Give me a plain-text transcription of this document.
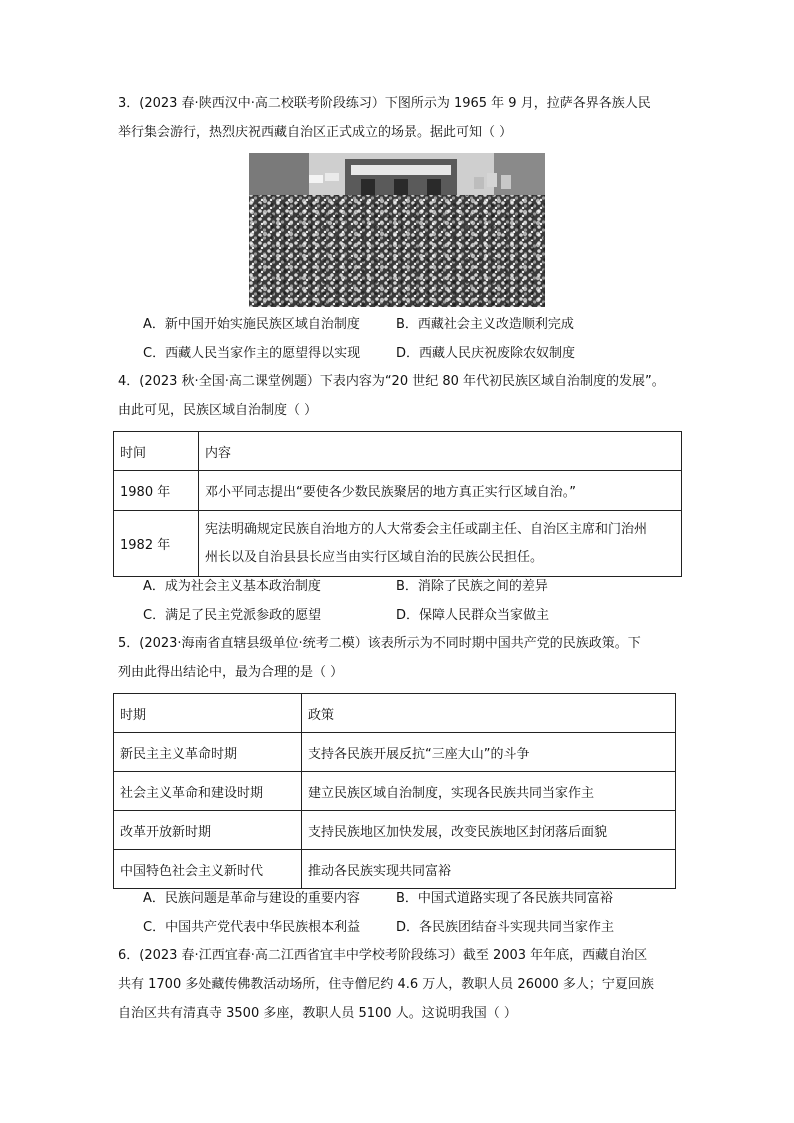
3．(2023 春·陕西汉中·高二校联考阶段练习）下图所示为 1965 年 9 月，拉萨各界各族人民
举行集会游行，热烈庆祝西藏自治区正式成立的场景。据此可知（ ）
A．新中国开始实施民族区域自治制度	B．西藏社会主义改造顺利完成
C．西藏人民当家作主的愿望得以实现	D．西藏人民庆祝废除农奴制度
4．(2023 秋·全国·高二课堂例题）下表内容为“20 世纪 80 年代初民族区域自治制度的发展”。
由此可见，民族区域自治制度（ ）
时间	内容
1980 年	邓小平同志提出“要使各少数民族聚居的地方真正实行区域自治。”
1982 年	宪法明确规定民族自治地方的人大常委会主任或副主任、自治区主席和门治州
州长以及自治县县长应当由实行区域自治的民族公民担任。
A．成为社会主义基本政治制度	B．消除了民族之间的差异
C．满足了民主党派参政的愿望	D．保障人民群众当家做主
5．(2023·海南省直辖县级单位·统考二模）该表所示为不同时期中国共产党的民族政策。下
列由此得出结论中，最为合理的是（ ）
时期	政策
新民主主义革命时期	支持各民族开展反抗“三座大山”的斗争
社会主义革命和建设时期	建立民族区域自治制度，实现各民族共同当家作主
改革开放新时期	支持民族地区加快发展，改变民族地区封闭落后面貌
中国特色社会主义新时代	推动各民族实现共同富裕
A．民族问题是革命与建设的重要内容	B．中国式道路实现了各民族共同富裕
C．中国共产党代表中华民族根本利益	D．各民族团结奋斗实现共同当家作主
6．(2023 春·江西宜春·高二江西省宜丰中学校考阶段练习）截至 2003 年年底，西藏自治区
共有 1700 多处藏传佛教活动场所，住寺僧尼约 4.6 万人，教职人员 26000 多人；宁夏回族
自治区共有清真寺 3500 多座，教职人员 5100 人。这说明我国（ ）
